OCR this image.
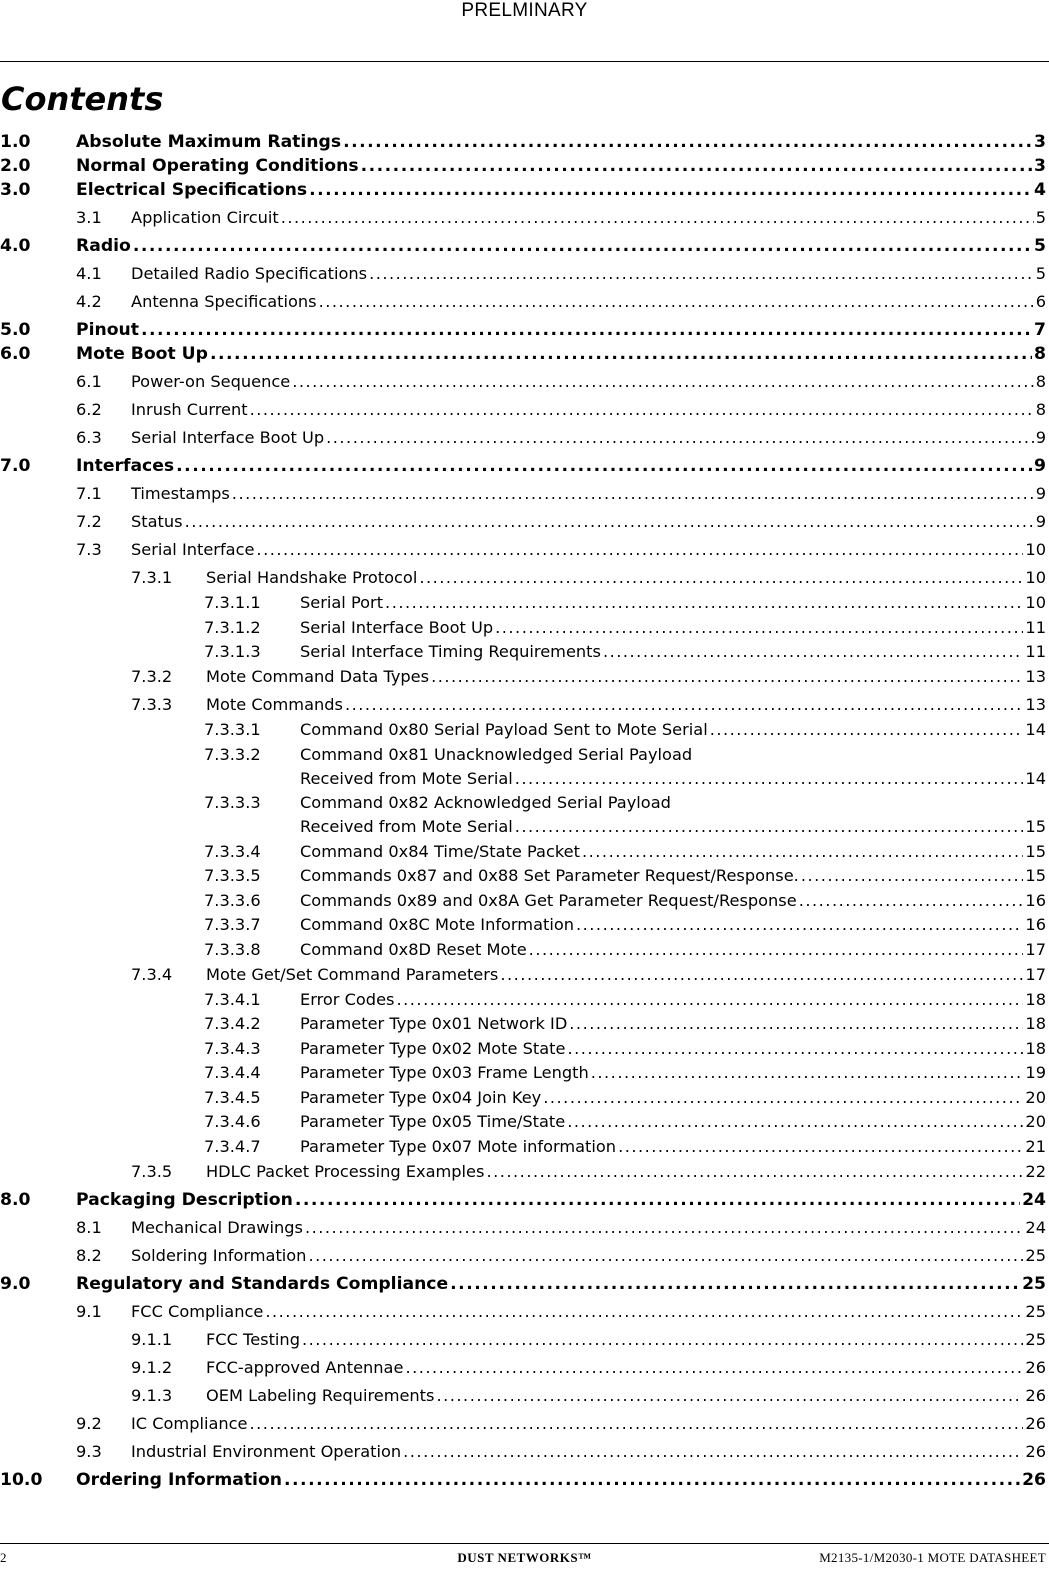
PRELMINARY
Contents
1.0	Absolute Maximum Ratings .....	3
2.0	Normal Operating Conditions .....	3
3.0	Electrical Specifications .....	4
3.1 Application Circuit .....	5
4.0	Radio .....	5
4.1 Detailed Radio Specifications .....	5
4.2 Antenna Specifications .....	6
5.0	Pinout .....	7
6.0	Mote Boot Up .....	8
6.1 Power-on Sequence .....	8
6.2 Inrush Current .....	8
6.3 Serial Interface Boot Up .....	9
7.0	Interfaces .....	9
7.1 Timestamps .....	9
7.2 Status .....	9
7.3 Serial Interface .....	10
7.3.1 Serial Handshake Protocol .....	10
7.3.1.1 Serial Port .....	10
7.3.1.2 Serial Interface Boot Up .....	11
7.3.1.3 Serial Interface Timing Requirements .....	11
7.3.2 Mote Command Data Types .....	13
7.3.3 Mote Commands .....	13
7.3.3.1 Command 0x80 Serial Payload Sent to Mote Serial .....	14
7.3.3.2 Command 0x81 Unacknowledged Serial Payload
Received from Mote Serial .....	14
7.3.3.3 Command 0x82 Acknowledged Serial Payload
Received from Mote Serial .....	15
7.3.3.4 Command 0x84 Time/State Packet .....	15
7.3.3.5 Commands 0x87 and 0x88 Set Parameter Request/Response. .....	15
7.3.3.6 Commands 0x89 and 0x8A Get Parameter Request/Response .....	16
7.3.3.7 Command 0x8C Mote Information .....	16
7.3.3.8 Command 0x8D Reset Mote .....	17
7.3.4 Mote Get/Set Command Parameters .....	17
7.3.4.1 Error Codes .....	18
7.3.4.2 Parameter Type 0x01 Network ID .....	18
7.3.4.3 Parameter Type 0x02 Mote State .....	18
7.3.4.4 Parameter Type 0x03 Frame Length .....	19
7.3.4.5 Parameter Type 0x04 Join Key .....	20
7.3.4.6 Parameter Type 0x05 Time/State .....	20
7.3.4.7 Parameter Type 0x07 Mote information .....	21
7.3.5 HDLC Packet Processing Examples .....	22
8.0	Packaging Description .....	24
8.1 Mechanical Drawings .....	24
8.2 Soldering Information .....	25
9.0	Regulatory and Standards Compliance .....	25
9.1 FCC Compliance .....	25
9.1.1 FCC Testing .....	25
9.1.2 FCC-approved Antennae .....	26
9.1.3 OEM Labeling Requirements .....	26
9.2 IC Compliance .....	26
9.3 Industrial Environment Operation .....	26
10.0 Ordering Information .....	26
2	DUST NETWORKS™	M2135-1/M2030-1 MOTE DATASHEET
